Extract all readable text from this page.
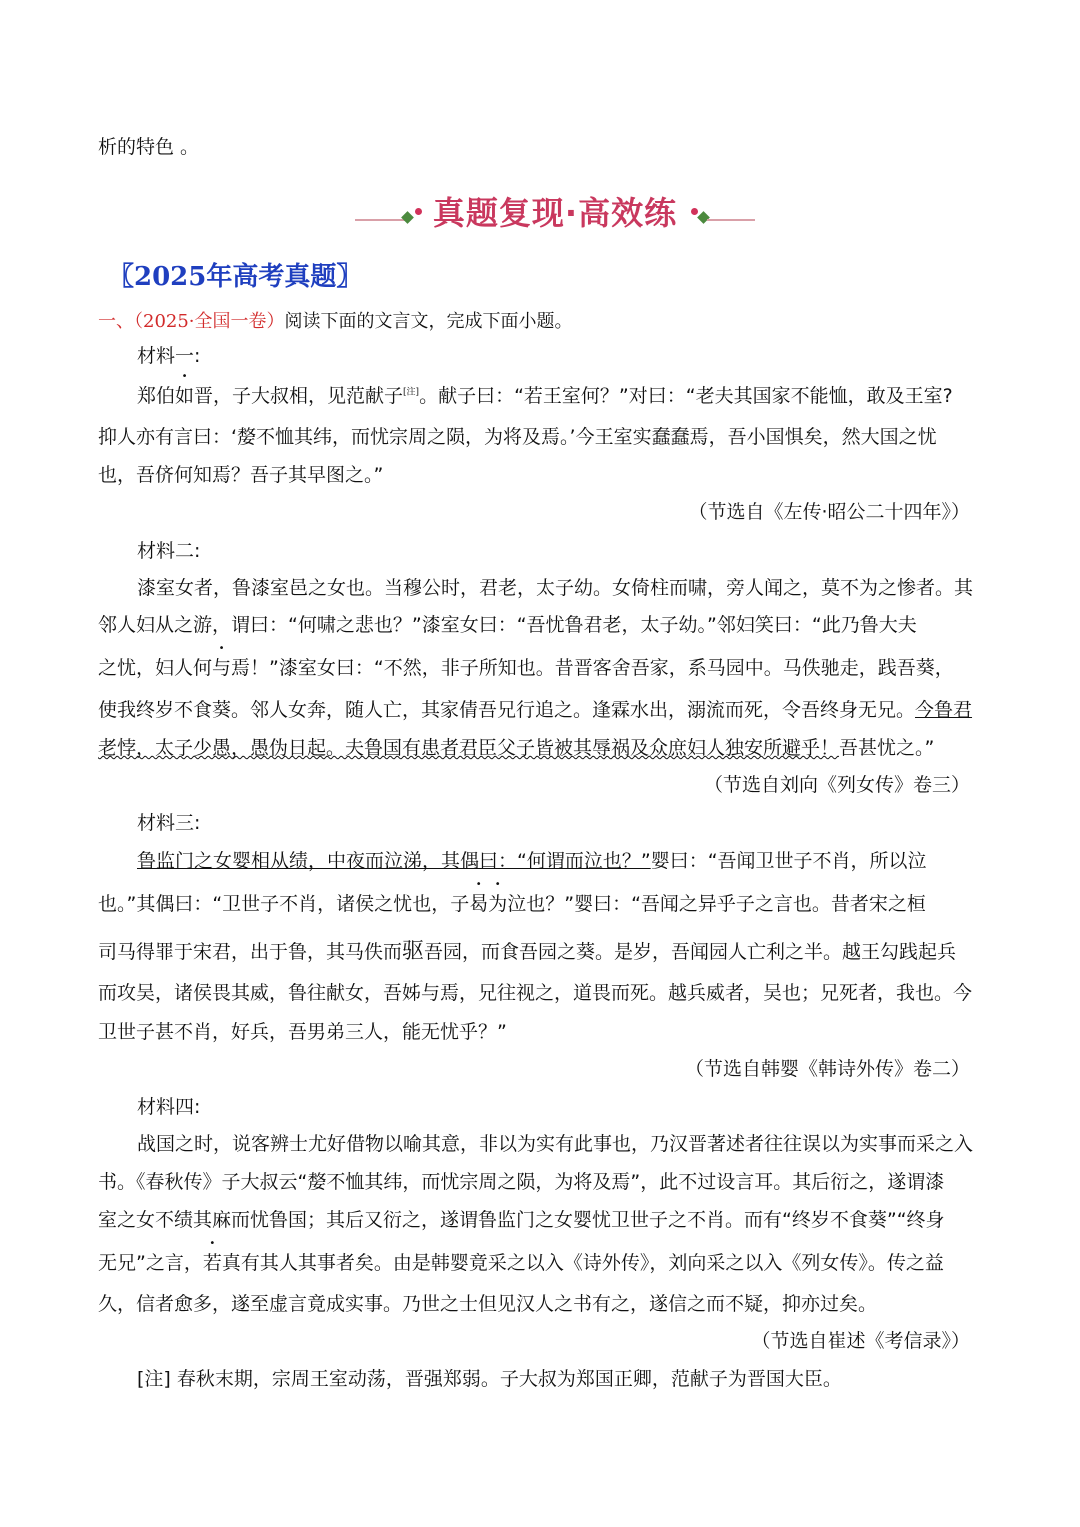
析的特色 。
真题复现·高效练
〖2025年高考真题〗
一、（2025·全国一卷）阅读下面的文言文，完成下面小题。
材料一:
郑伯如晋，子大叔相，见范献子[注]。献子曰：“若王室何？”对曰：“老夫其国家不能恤，敢及王室?
抑人亦有言曰：‘嫠不恤其纬，而忧宗周之陨，为将及焉。’今王室实蠢蠢焉，吾小国惧矣，然大国之忧
也，吾侪何知焉？吾子其早图之。”
（节选自《左传·昭公二十四年》）
材料二:
漆室女者，鲁漆室邑之女也。当穆公时，君老，太子幼。女倚柱而啸，旁人闻之，莫不为之惨者。其
邻人妇从之游，谓曰：“何啸之悲也？”漆室女曰：“吾忧鲁君老，太子幼。”邻妇笑曰：“此乃鲁大夫
之忧，妇人何与焉！”漆室女曰：“不然，非子所知也。昔晋客舍吾家，系马园中。马佚驰走，践吾葵，
使我终岁不食葵。邻人女奔，随人亡，其家倩吾兄行追之。逢霖水出，溺流而死，令吾终身无兄。今鲁君
老悖，太子少愚，愚伪日起。夫鲁国有患者君臣父子皆被其辱祸及众庶妇人独安所避乎！吾甚忧之。”
（节选自刘向《列女传》卷三）
材料三:
鲁监门之女婴相从绩，中夜而泣涕，其偶曰：“何谓而泣也？”婴曰：“吾闻卫世子不肖，所以泣
也。”其偶曰：“卫世子不肖，诸侯之忧也，子曷为泣也？”婴曰：“吾闻之异乎子之言也。昔者宋之桓
司马得罪于宋君，出于鲁，其马佚而驱吾园，而食吾园之葵。是岁，吾闻园人亡利之半。越王勾践起兵
而攻吴，诸侯畏其威，鲁往献女，吾姊与焉，兄往视之，道畏而死。越兵威者，吴也；兄死者，我也。今
卫世子甚不肖，好兵，吾男弟三人，能无忧乎？”
（节选自韩婴《韩诗外传》卷二）
材料四:
战国之时，说客辨士尤好借物以喻其意，非以为实有此事也，乃汉晋著述者往往误以为实事而采之入
书。《春秋传》子大叔云“嫠不恤其纬，而忧宗周之陨，为将及焉”，此不过设言耳。其后衍之，遂谓漆
室之女不绩其麻而忧鲁国；其后又衍之，遂谓鲁监门之女婴忧卫世子之不肖。而有“终岁不食葵”“终身
无兄”之言，若真有其人其事者矣。由是韩婴竟采之以入《诗外传》，刘向采之以入《列女传》。传之益
久，信者愈多，遂至虚言竟成实事。乃世之士但见汉人之书有之，遂信之而不疑，抑亦过矣。
（节选自崔述《考信录》）
[注] 春秋末期，宗周王室动荡，晋强郑弱。子大叔为郑国正卿，范献子为晋国大臣。
